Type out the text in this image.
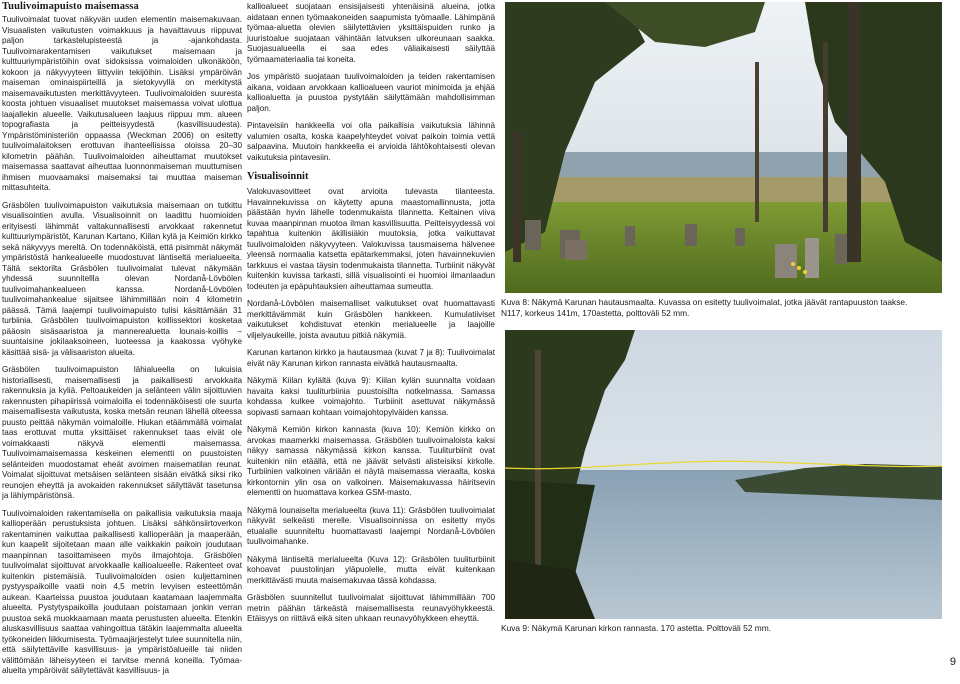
Tuulivoimapuisto maisemassa

Tuulivoimalat tuovat näkyvän uuden elementin maisemakuvaan. Visuaalisten vaikutusten voimakkuus ja havaittavuus riippuvat paljon tarkastelupisteestä ja -ajankohdasta. Tuulivoimarakentamisen vaikutukset maisemaan ja kulttuuriympäristöihin ovat sidoksissa voimaloiden ulkonäköön, kokoon ja näkyvyyteen liittyviin tekijöihin. Lisäksi ympäröivän maiseman ominaispiirteillä ja sietokyvyllä on merkitystä maisemavaikutusten merkittävyyteen. Tuulivoimaloiden suuresta koosta johtuen visuaaliset muutokset maisemassa voivat ulottua laajallekin alueelle. Vaikutusalueen laajuus riippuu mm. alueen topografiasta ja peitteisyydestä (kasvillisuudesta). Ympäristöministeriön oppaassa (Weckman 2006) on esitetty tuulivoimalaitoksen erottuvan ihanteellisissa oloissa 20–30 kilometrin päähän. Tuulivoimaloiden aiheuttamat muutokset maisemassa saattavat aiheuttaa luonnonmaiseman muuttumisen ihmisen muovaamaksi maisemaksi tai muuttaa maiseman mittasuhteita.

Gräsbölen tuulivoimapuiston vaikutuksia maisemaan on tutkittu visualisointien avulla. Visualisoinnit on laadittu huomioiden erityisesti lähimmät valtakunnallisesti arvokkaat rakennetut kulttuuriympäristöt, Karunan Kartano, Kiilan kylä ja Keimiön kirkko sekä näkyvyys mereltä. On todennäköistä, että pisimmät näkymät ympäristöstä hankealueelle muodostuvat läntiseltä merialueelta. Tältä sektorilta Gräsbölen tuulivoimalat tulevat näkymään yhdessä suunnitellla olevan Nordanå-Lövbölen tuulivoimahankealueen kanssa. Nordanå-Lövbölen tuulivoimahankealue sijaitsee lähimmillään noin 4 kilometrin päässä. Tämä laajempi tuulivoimapuisto tulisi käsittämään 31 turbiinia. Gräsbölen tuulivoimapuiston koillissektori kosketaa pääosin sisäsaaristoa ja mannerealuetta lounais-koillis –suuntaisine jokilaaksoineen, luoteessa ja kaakossa vyöhyke käsittää sisä- ja välisaariston alueita.

Gräsbölen tuulivoimapuiston lähialueella on lukuisia historiallisesti, maisemallisesti ja paikallisesti arvokkaita rakennuksia ja kyliä. Peltoaukeiden ja selänteen välin sijoittuvien rakennusten pihapiirissä voimaloilla ei todennäköisesti ole suurta maisemallisesta vaikutusta, koska metsän reunan lähellä olteessa puusto peittää näkymän voimaloille. Hiukan etäämmällä voimalat taas erottuvat mutta yksittäiset rakennukset taas eivät ole voimakkaasti näkyvä elementti maisemassa. Tuulivoimamaisemassa keskeinen elementti on puustoisten selänteiden muodostamat eheät avoimen maisematilan reunat. Voimalat sijoittuvat metsäisen selänteen sisään eivätkä siksi riko reunojen eheyttä ja avokaiden rakennukset säilyttävät tasetunsa ja lähiympäristönsä.

Tuulivoimaloiden rakentamisella on paikallisia vaikutuksia maaja kallioperään perustuksista johtuen. Lisäksi sähkönsiirtoverkon rakentaminen vaikuttaa paikallisesti kallioperään ja maaperään, kun kaapelit sijoitetaan maan alle vaikkakin paikoin joudutaan maanpinnan tasoittamiseen myös ilmajohtoja. Gräsbölen tuulivoimalat sijoittuvat arvokkaalle kallioalueelle. Rakenteet ovat kuitenkin pistemäisiä. Tuulivoimaloiden osien kuljettaminen pystyyspaikoille vaatii noin 4,5 metrin levyisen esteettömän aukean. Kaarteissa puustoa joudutaan kaatamaan laajemmalta alueelta. Pystytyspaikoilla joudutaan poistamaan jonkin verran puustoa sekä muokkaamaan maata perustusten alueelta. Etenkin aluskasvillisuus saattaa vahingoittua tätäkin laajemmalta alueelta työkoneiden liikkumisesta. Työmaajärjestelyt tulee suunnitella niin, että säilytettäville kasvillisuus- ja ympäristöalueille tai niiden välittömään läheisyyteen ei tarvitse mennä koneilla. Työmaa-alueita ympäröivät säilytettävät kasvillisuus- ja

kallioalueet suojataan ensisijaisesti yhtenäisinä alueina, jotka aidataan ennen työmaakoneiden saapumista työmaalle. Lähimpänä työmaa-aluetta olevien säilytettävien yksittäispuiden runko ja juuristoalue suojataan vähintään latvuksen ulkoreunaan saakka. Suojasualueella ei saa edes väliaikaisesti säilyttää työmaamateriaalia tai koneita.

Jos ympäristö suojataan tuulivoimaloiden ja teiden rakentamisen aikana, voidaan arvokkaan kallioalueen vauriot minimoida ja ehjää kallioaluetta ja puustoa pystytään säilyttämään mahdollisimman paljon.

Pintaveisiin hankkeella voi olla paikallisia vaikutuksia lähinnä valumien osalta, koska kaapelyhteydet voivat paikoin toimia vettä salpaavina. Muutoin hankkeella ei arvioida lähtökohtaisesti olevan vaikutuksia pintavesiin.

Visualisoinnit

Valokuvasovitteet ovat arvioita tulevasta tilanteesta. Havainnekuvissa on käytetty apuna maastomallinnusta, jotta päästään hyvin lähelle todenmukaista tilannetta. Keltainen viiva kuvaa maanpinnan muotoa ilman kasvillisuutta. Peitteisyydessä voi tapahtua kuitenkin äkillisiäkin muutoksia, jotka vaikuttavat tuulivoimaloiden näkyvyyteen. Valokuvissa tausmaisema hälvenee yleensä normaalia katsetta epätarkemmaksi, joten havainnekuvien tarkkuus ei vastaa täysin todenmukaista tilannetta. Turbiinit näkyvät kuitenkin kuvissa tarkasti, sillä visualisointi ei huomioi ilmanlaadun todeuten ja epäpuhtauksien aiheuttamaa sumeutta.

Nordanå-Lövbölen maisemalliset vaikutukset ovat huomattavasti merkittävämmät kuin Gräsbölen hankkeen. Kumulatiiviset vaikutukset kohdistuvat etenkin merialueelle ja laajoille viljelyaukeille, joista avautuu pitkiä näkymiä.

Karunan kartanon kirkko ja hautausmaa (kuvat 7 ja 8): Tuulivoimalat eivät näy Karunan kirkon rannasta eivätkä hautausmaalta.

Näkymä Kiilan kylältä (kuva 9): Kiilan kylän suunnalta voidaan havaita kaksi tuuliturbiinia puustoisilta notkelmassa. Samassa kohdassa kulkee voimajohto. Turbiinit asettuvat näkymässä sopivasti samaan kohtaan voimajohtopylväiden kanssa.

Näkymä Kemiön kirkon kannasta (kuva 10): Kemiön kirkko on arvokas maamerkki maisemassa. Gräsbölen tuulivoimaloista kaksi näkyy samassa näkymässä kirkon kanssa. Tuuliturbiinit ovat kuitenkin niin etäällä, että ne jäävät selvästi alisteisiksi kirkolle. Turbiinien valkoinen väriään ei näytä maisemassa vieraalta, koska kirkontornin ylin osa on valkoinen. Maisemakuvassa häiritsevin elementti on huomattava korkea GSM-masto.

Näkymä lounaiselta merialueelta (kuva 11): Gräsbölen tuulivoimalat näkyvät selkeästi merelle. Visualisoinnissa on esitetty myös etualalle suunniteltu huomattavasti laajempi Nordanå-Lövbölen tuulivoimahanke.

Näkymä läntiseltä merialueelta (Kuva 12): Gräsbölen tuuliturbiinit kohoavat puustolinjan yläpuolelle, mutta eivät kuitenkaan merkittävästi muuta maisemakuvaa tässä kohdassa.

Gräsbölen suunnitellut tuulivoimalat sijoittuvat lähimmillään 700 metrin päähän tärkeästä maisemallisesta reunavyöhykkeestä. Etäisyys on riittävä eikä siten uhkaan reunavyöhykkeen eheyttä.

Kuva 8: Näkymä Karunan hautausmaalta. Kuvassa on esitetty tuulivoimalat, jotka jäävät rantapuuston taakse. N117, korkeus 141m, 170astetta, polttoväli 52 mm.
Kuva 9: Näkymä Karunan kirkon rannasta. 170 astetta. Polttoväli 52 mm.
9
